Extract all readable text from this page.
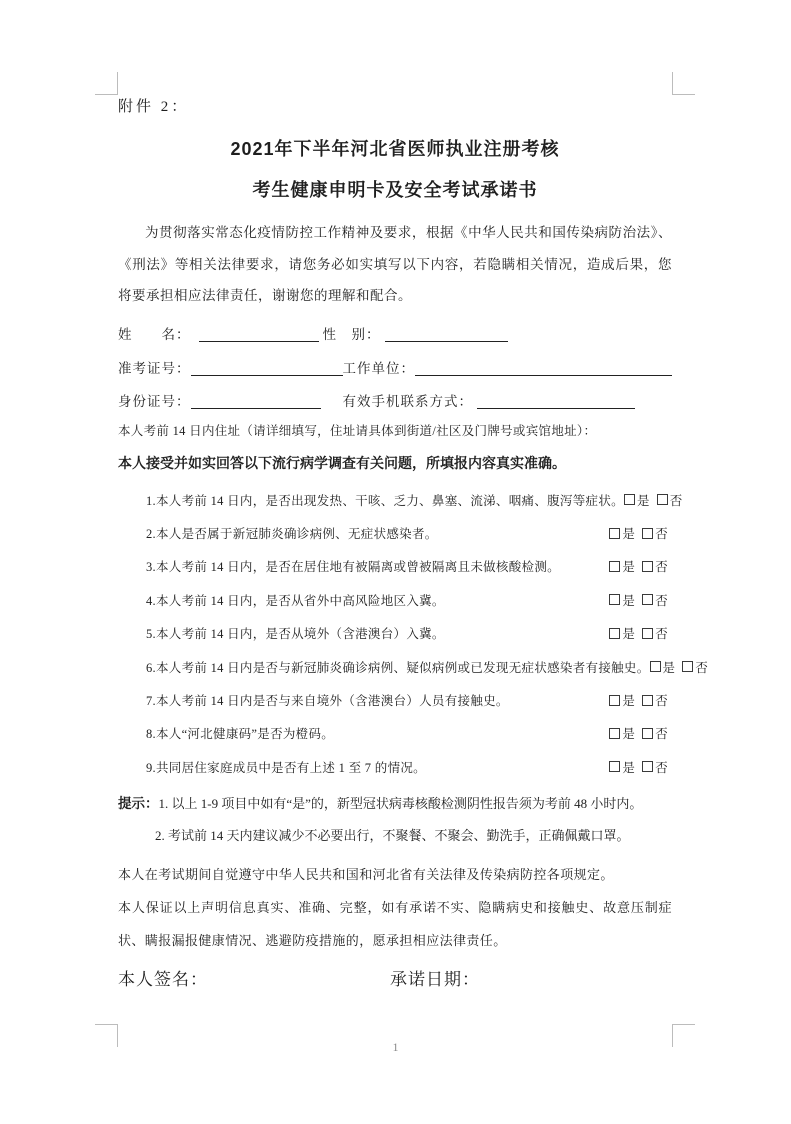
附件 2：
2021年下半年河北省医师执业注册考核
考生健康申明卡及安全考试承诺书
为贯彻落实常态化疫情防控工作精神及要求，根据《中华人民共和国传染病防治法》、《刑法》等相关法律要求，请您务必如实填写以下内容，若隐瞒相关情况，造成后果，您将要承担相应法律责任，谢谢您的理解和配合。
姓　　名：	性　别：
准考证号：	工作单位：
身份证号：	有效手机联系方式：
本人考前 14 日内住址（请详细填写，住址请具体到街道/社区及门牌号或宾馆地址）：
本人接受并如实回答以下流行病学调查有关问题，所填报内容真实准确。
1.本人考前 14 日内，是否出现发热、干咳、乏力、鼻塞、流涕、咽痛、腹泻等症状。 是 否
2.本人是否属于新冠肺炎确诊病例、无症状感染者。	是 否
3.本人考前 14 日内，是否在居住地有被隔离或曾被隔离且未做核酸检测。	是 否
4.本人考前 14 日内，是否从省外中高风险地区入冀。	是 否
5.本人考前 14 日内，是否从境外（含港澳台）入冀。	是 否
6.本人考前 14 日内是否与新冠肺炎确诊病例、疑似病例或已发现无症状感染者有接触史。 是 否
7.本人考前 14 日内是否与来自境外（含港澳台）人员有接触史。	是 否
8.本人“河北健康码”是否为橙码。	是 否
9.共同居住家庭成员中是否有上述 1 至 7 的情况。	是 否
提示：1. 以上 1-9 项目中如有“是”的，新型冠状病毒核酸检测阴性报告须为考前 48 小时内。
2. 考试前 14 天内建议减少不必要出行，不聚餐、不聚会、勤洗手，正确佩戴口罩。
本人在考试期间自觉遵守中华人民共和国和河北省有关法律及传染病防控各项规定。
本人保证以上声明信息真实、准确、完整，如有承诺不实、隐瞒病史和接触史、故意压制症状、瞒报漏报健康情况、逃避防疫措施的，愿承担相应法律责任。
本人签名：	承诺日期：
1
